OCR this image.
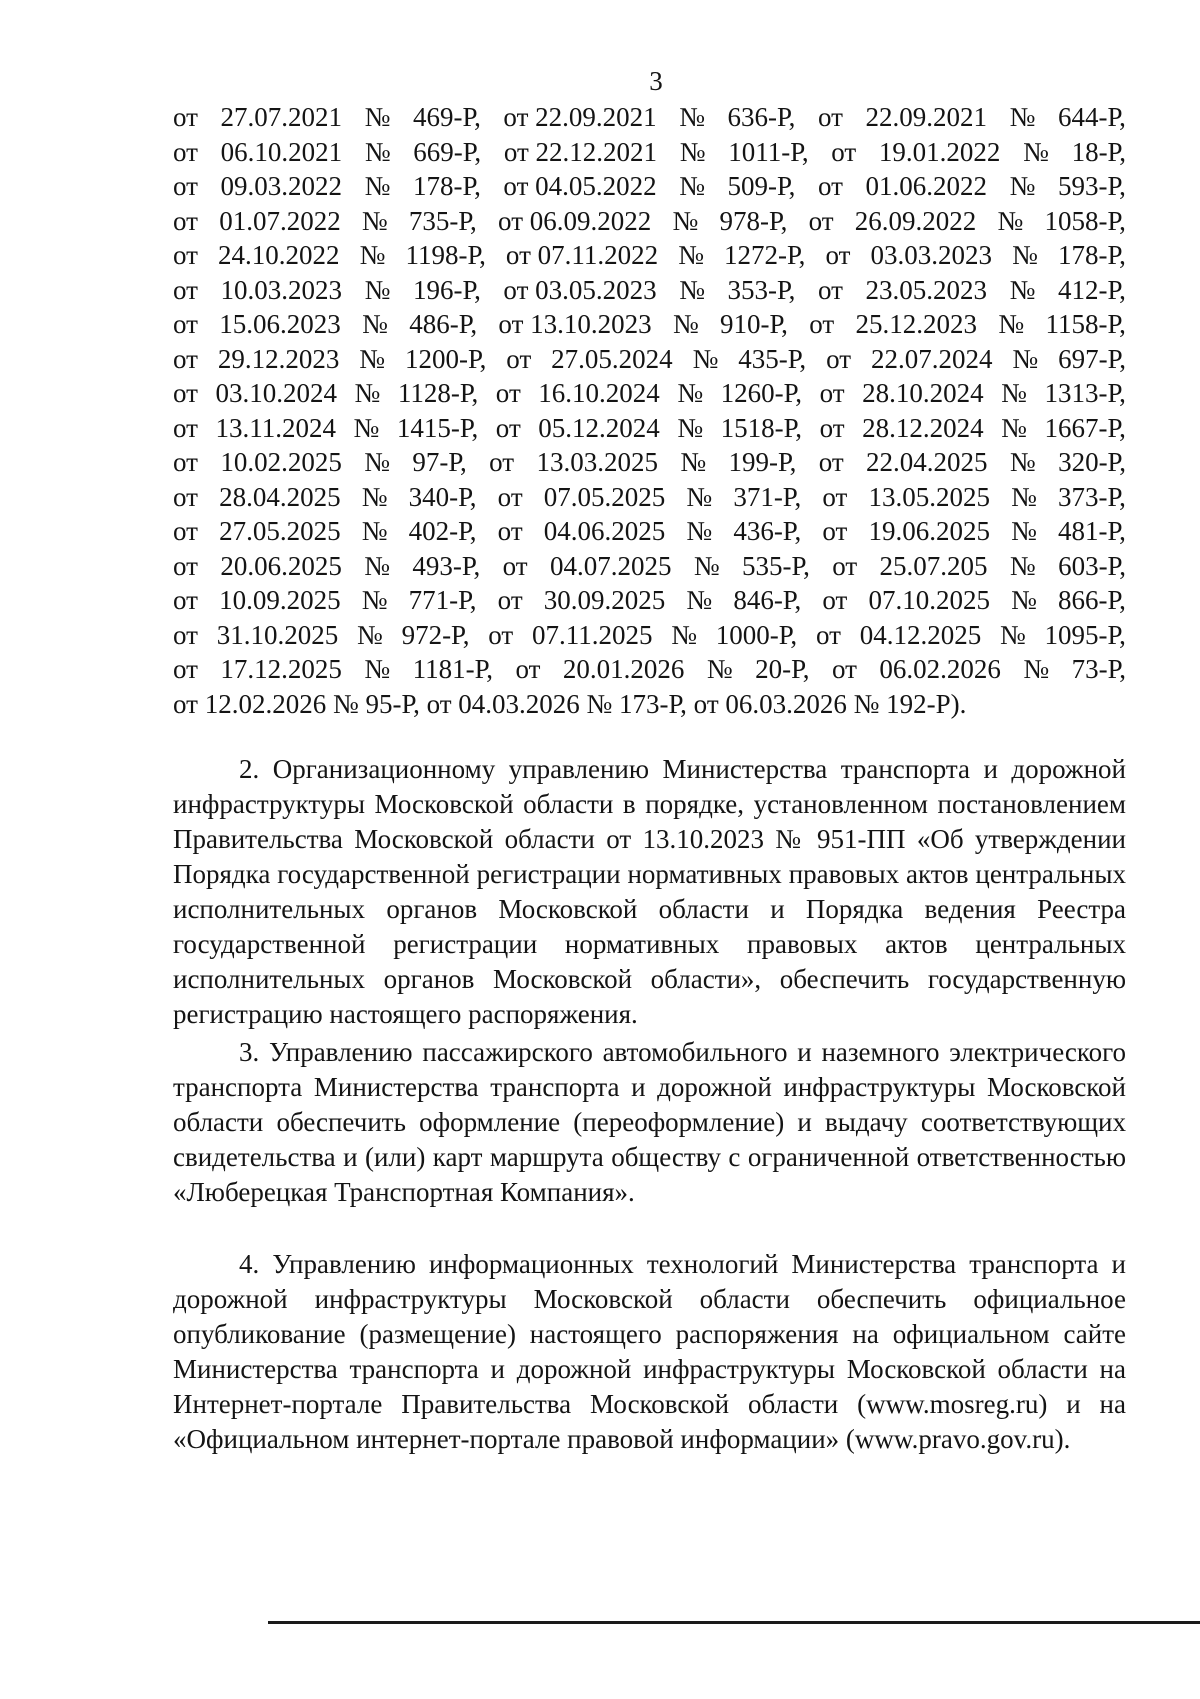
3
от 27.07.2021 № 469-Р, от 22.09.2021 № 636-Р, от 22.09.2021 № 644-Р,
от 06.10.2021 № 669-Р, от 22.12.2021 № 1011-Р, от 19.01.2022 № 18-Р,
от 09.03.2022 № 178-Р, от 04.05.2022 № 509-Р, от 01.06.2022 № 593-Р,
от 01.07.2022 № 735-Р, от 06.09.2022 № 978-Р, от 26.09.2022 № 1058-Р,
от 24.10.2022 № 1198-Р, от 07.11.2022 № 1272-Р, от 03.03.2023 № 178-Р,
от 10.03.2023 № 196-Р, от 03.05.2023 № 353-Р, от 23.05.2023 № 412-Р,
от 15.06.2023 № 486-Р, от 13.10.2023 № 910-Р, от 25.12.2023 № 1158-Р,
от 29.12.2023 № 1200-Р, от 27.05.2024 № 435-Р, от 22.07.2024 № 697-Р,
от 03.10.2024 № 1128-Р, от 16.10.2024 № 1260-Р, от 28.10.2024 № 1313-Р,
от 13.11.2024 № 1415-Р, от 05.12.2024 № 1518-Р, от 28.12.2024 № 1667-Р,
от 10.02.2025 № 97-Р, от 13.03.2025 № 199-Р, от 22.04.2025 № 320-Р,
от 28.04.2025 № 340-Р, от 07.05.2025 № 371-Р, от 13.05.2025 № 373-Р,
от 27.05.2025 № 402-Р, от 04.06.2025 № 436-Р, от 19.06.2025 № 481-Р,
от 20.06.2025 № 493-Р, от 04.07.2025 № 535-Р, от 25.07.205 № 603-Р,
от 10.09.2025 № 771-Р, от 30.09.2025 № 846-Р, от 07.10.2025 № 866-Р,
от 31.10.2025 № 972-Р, от 07.11.2025 № 1000-Р, от 04.12.2025 № 1095-Р,
от 17.12.2025 № 1181-Р, от 20.01.2026 № 20-Р, от 06.02.2026 № 73-Р,
от 12.02.2026 № 95-Р, от 04.03.2026 № 173-Р, от 06.03.2026 № 192-Р).

2. Организационному управлению Министерства транспорта и дорожной инфраструктуры Московской области в порядке, установленном постановлением Правительства Московской области от 13.10.2023 № 951-ПП «Об утверждении Порядка государственной регистрации нормативных правовых актов центральных исполнительных органов Московской области и Порядка ведения Реестра государственной регистрации нормативных правовых актов центральных исполнительных органов Московской области», обеспечить государственную регистрацию настоящего распоряжения.

3. Управлению пассажирского автомобильного и наземного электрического транспорта Министерства транспорта и дорожной инфраструктуры Московской области обеспечить оформление (переоформление) и выдачу соответствующих свидетельства и (или) карт маршрута обществу с ограниченной ответственностью «Люберецкая Транспортная Компания».

4. Управлению информационных технологий Министерства транспорта и дорожной инфраструктуры Московской области обеспечить официальное опубликование (размещение) настоящего распоряжения на официальном сайте Министерства транспорта и дорожной инфраструктуры Московской области на Интернет-портале Правительства Московской области (www.mosreg.ru) и на «Официальном интернет-портале правовой информации» (www.pravo.gov.ru).
